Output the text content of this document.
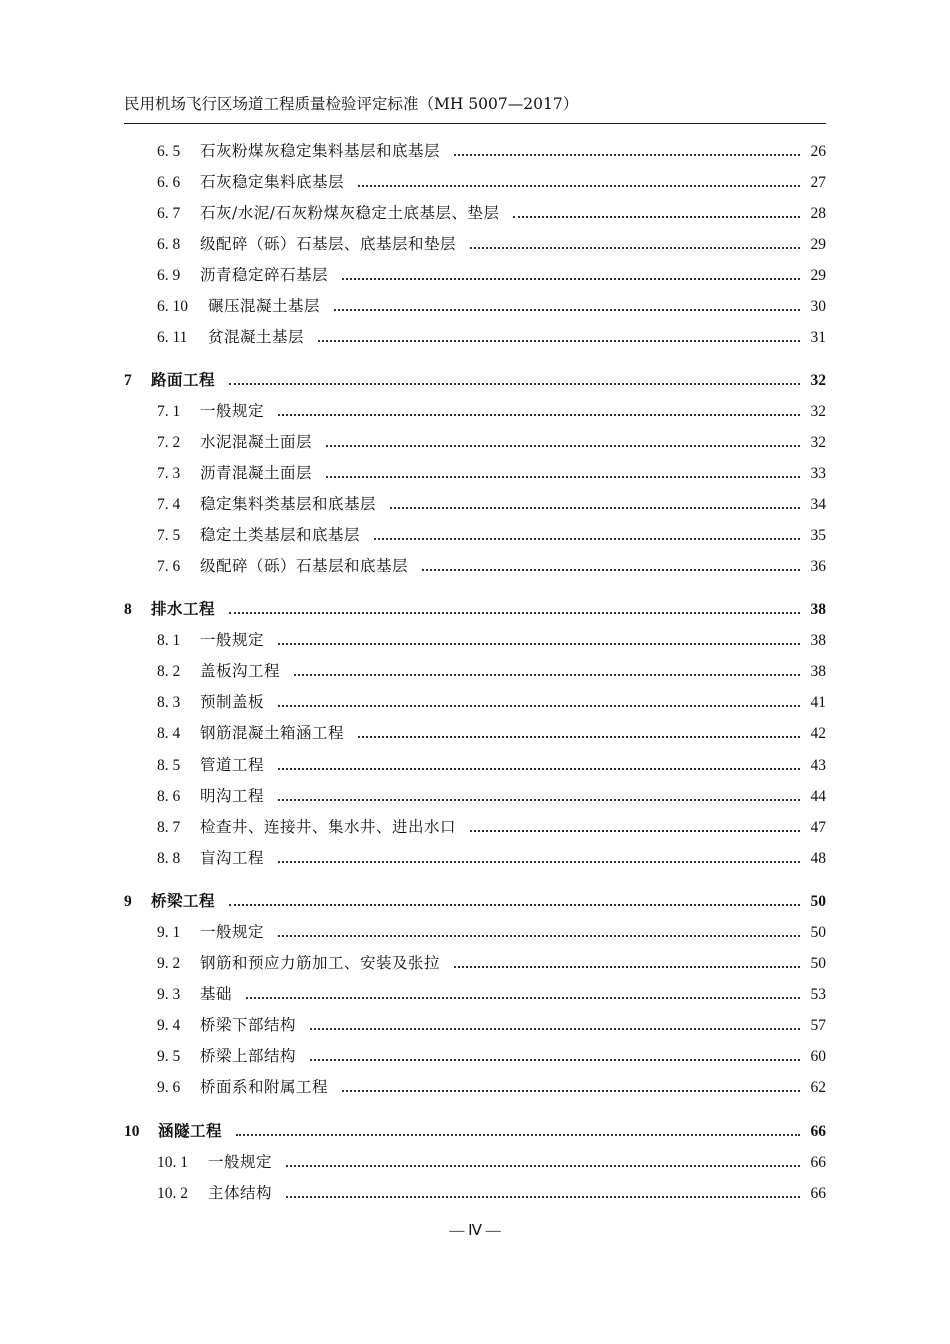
民用机场飞行区场道工程质量检验评定标准（MH 5007—2017）
6. 5	石灰粉煤灰稳定集料基层和底基层	26
6. 6	石灰稳定集料底基层	27
6. 7	石灰/水泥/石灰粉煤灰稳定土底基层、垫层	28
6. 8	级配碎（砾）石基层、底基层和垫层	29
6. 9	沥青稳定碎石基层	29
6. 10	碾压混凝土基层	30
6. 11	贫混凝土基层	31
7	路面工程	32
7. 1	一般规定	32
7. 2	水泥混凝土面层	32
7. 3	沥青混凝土面层	33
7. 4	稳定集料类基层和底基层	34
7. 5	稳定土类基层和底基层	35
7. 6	级配碎（砾）石基层和底基层	36
8	排水工程	38
8. 1	一般规定	38
8. 2	盖板沟工程	38
8. 3	预制盖板	41
8. 4	钢筋混凝土箱涵工程	42
8. 5	管道工程	43
8. 6	明沟工程	44
8. 7	检查井、连接井、集水井、进出水口	47
8. 8	盲沟工程	48
9	桥梁工程	50
9. 1	一般规定	50
9. 2	钢筋和预应力筋加工、安装及张拉	50
9. 3	基础	53
9. 4	桥梁下部结构	57
9. 5	桥梁上部结构	60
9. 6	桥面系和附属工程	62
10	涵隧工程	66
10. 1	一般规定	66
10. 2	主体结构	66
— Ⅳ —
